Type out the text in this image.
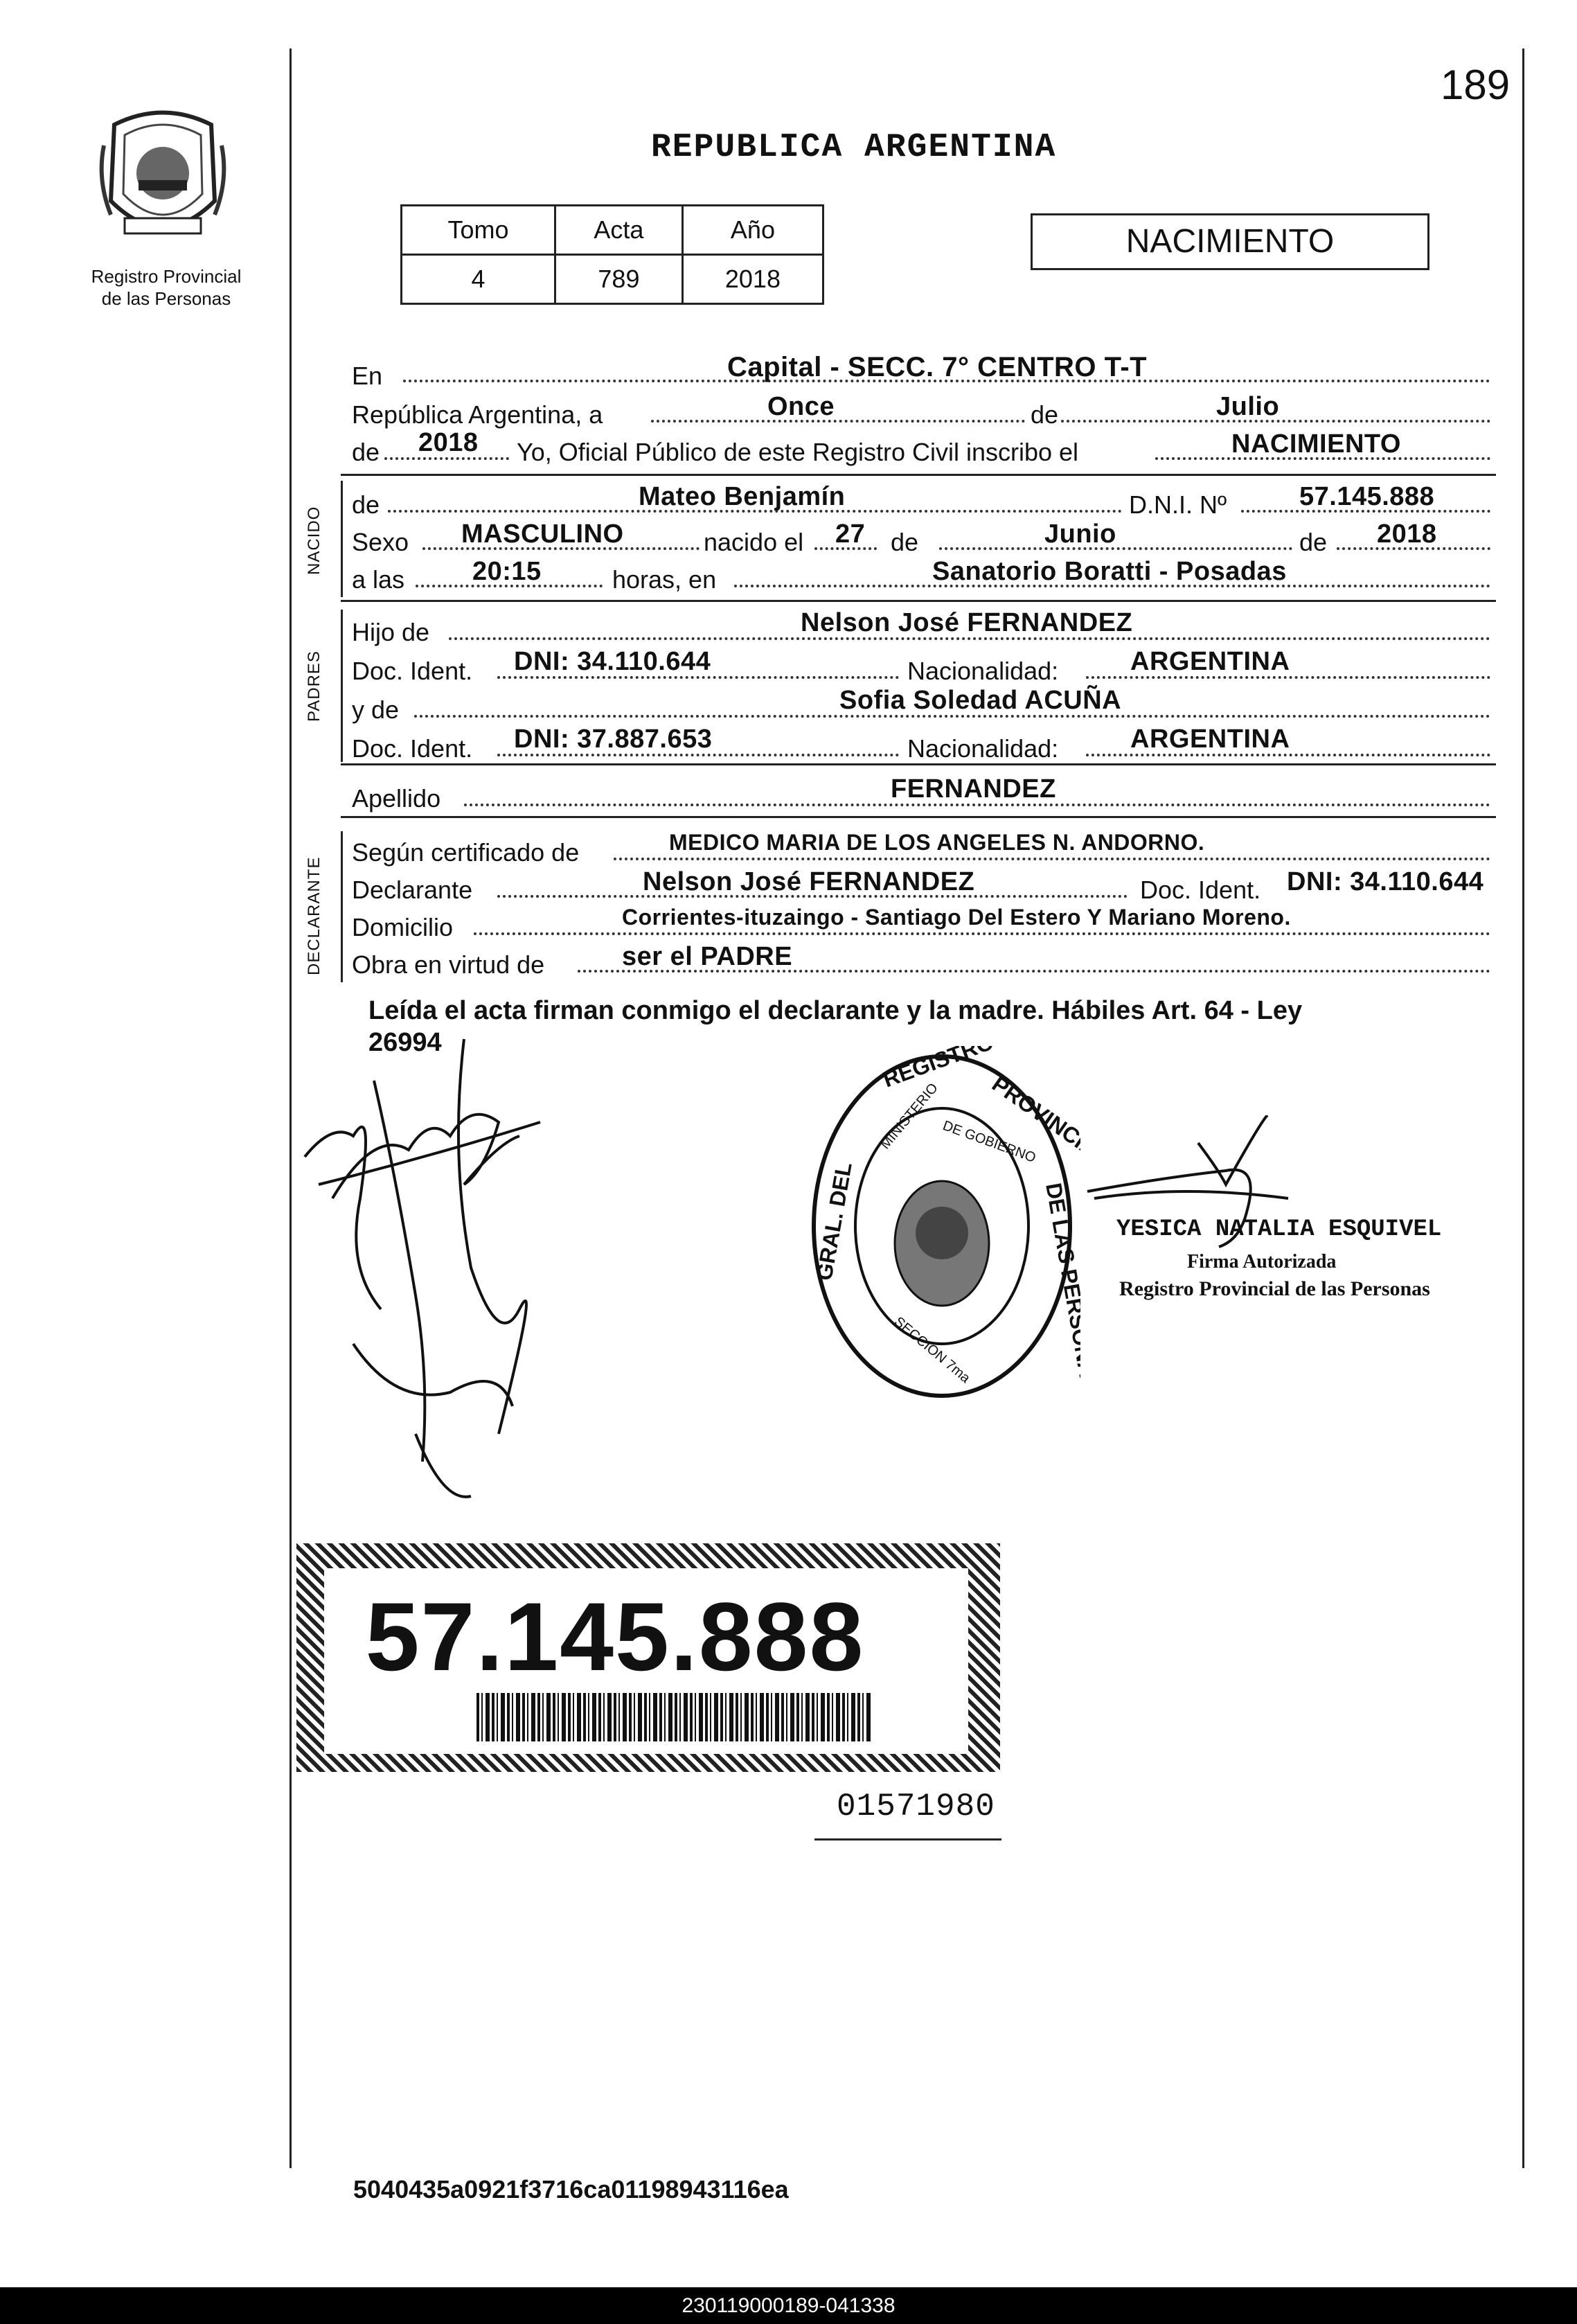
189
Registro Provincial
de las Personas
REPUBLICA ARGENTINA
Tomo	Acta	Año
4	789	2018
NACIMIENTO
En	Capital - SECC. 7° CENTRO T-T
República Argentina, a	Once	de	Julio
de 2018 Yo, Oficial Público de este Registro Civil inscribo el	NACIMIENTO
NACIDO
de	Mateo Benjamín	D.N.I. Nº	57.145.888
Sexo MASCULINO	nacido el 27 de	Junio	de 2018
a las	20:15	horas, en	Sanatorio Boratti - Posadas
PADRES
Hijo de	Nelson José FERNANDEZ
Doc. Ident. DNI: 34.110.644	Nacionalidad:	ARGENTINA
y de	Sofia Soledad ACUÑA
Doc. Ident. DNI: 37.887.653	Nacionalidad:	ARGENTINA
Apellido	FERNANDEZ
DECLARANTE
Según certificado de	MEDICO MARIA DE LOS ANGELES N. ANDORNO.
Declarante	Nelson José FERNANDEZ	Doc. Ident. DNI: 34.110.644
Domicilio	Corrientes-ituzaingo - Santiago Del Estero Y Mariano Moreno.
Obra en virtud de	ser el PADRE
Leída el acta firman conmigo el declarante y la madre. Hábiles Art. 64 - Ley
26994	REGISTRO
PROVINCIAL
GRAL. DEL	DE LAS PERSONAS
MINISTERIO DE GOBIERNO
SECCION 7ma
YESICA NATALIA ESQUIVEL
Firma Autorizada
Registro Provincial de las Personas
57.145.888
01571980
5040435a0921f3716ca01198943116ea
230119000189-041338
